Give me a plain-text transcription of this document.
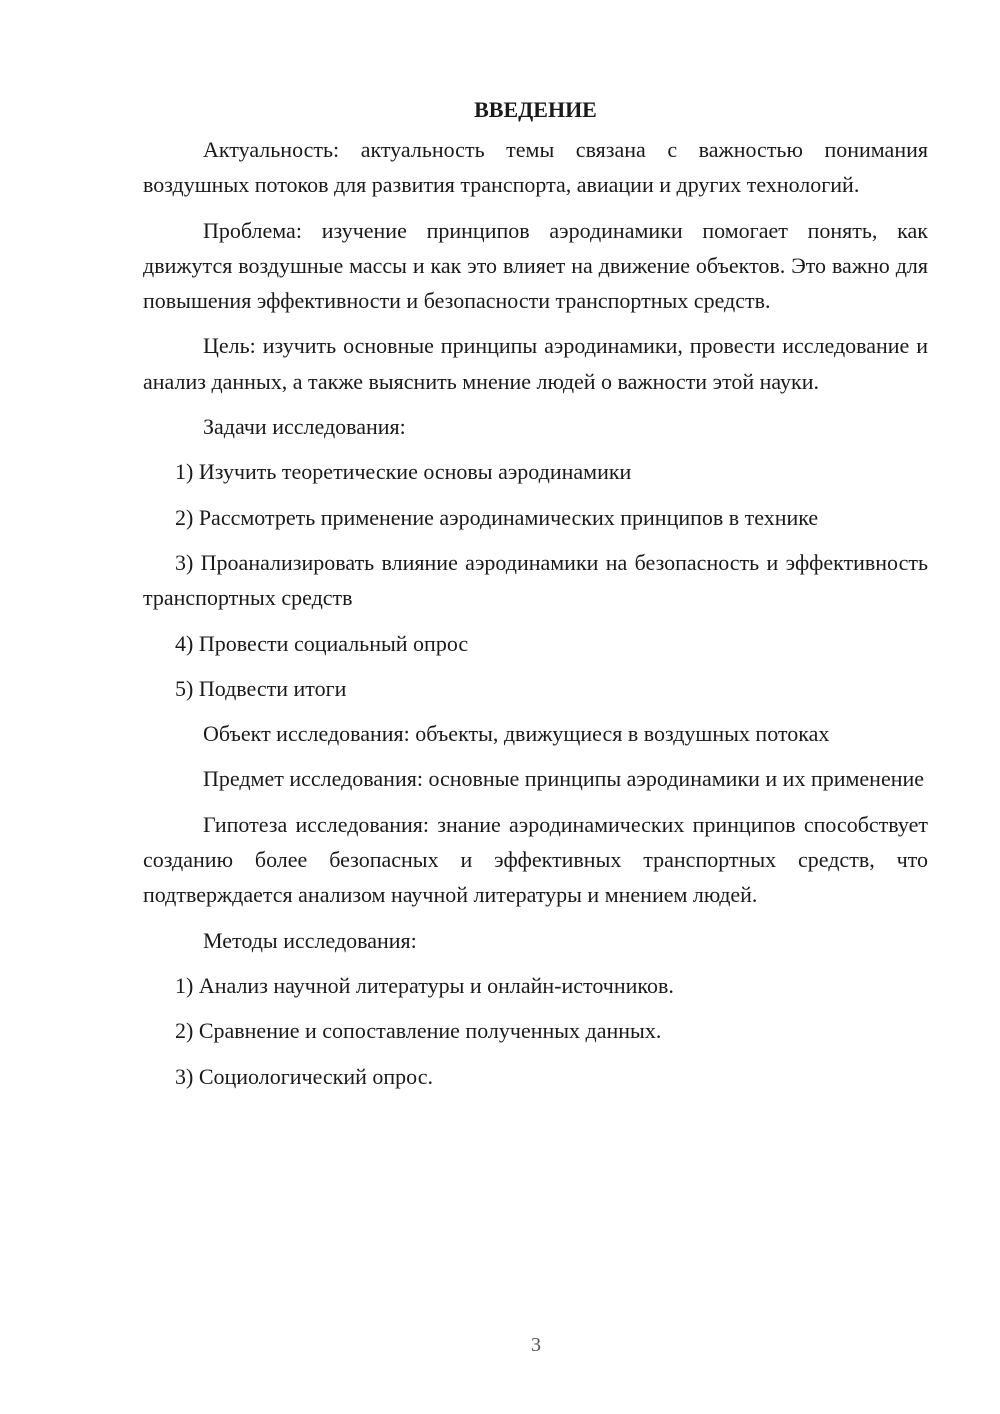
ВВЕДЕНИЕ

Актуальность: актуальность темы связана с важностью понимания воздушных потоков для развития транспорта, авиации и других технологий.

Проблема: изучение принципов аэродинамики помогает понять, как движутся воздушные массы и как это влияет на движение объектов. Это важно для повышения эффективности и безопасности транспортных средств.

Цель: изучить основные принципы аэродинамики, провести исследование и анализ данных, а также выяснить мнение людей о важности этой науки.

Задачи исследования:

1) Изучить теоретические основы аэродинамики

2) Рассмотреть применение аэродинамических принципов в технике

3) Проанализировать влияние аэродинамики на безопасность и эффективность транспортных средств

4) Провести социальный опрос

5) Подвести итоги

Объект исследования: объекты, движущиеся в воздушных потоках

Предмет исследования: основные принципы аэродинамики и их применение

Гипотеза исследования: знание аэродинамических принципов способствует созданию более безопасных и эффективных транспортных средств, что подтверждается анализом научной литературы и мнением людей.

Методы исследования:

1) Анализ научной литературы и онлайн-источников.

2) Сравнение и сопоставление полученных данных.

3) Социологический опрос.

3
